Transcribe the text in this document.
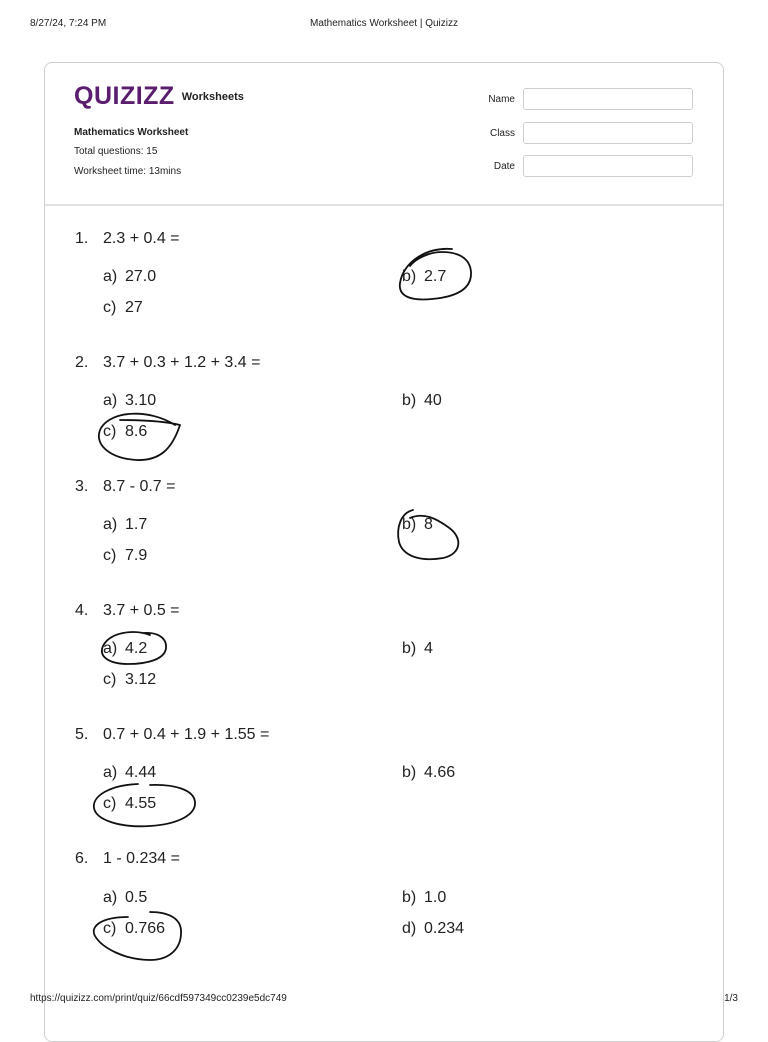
8/27/24, 7:24 PM	Mathematics Worksheet | Quizizz
QUIZIZZ Worksheets
Mathematics Worksheet
Total questions: 15
Worksheet time: 13mins
Name
Class
Date
1. 2.3 + 0.4 =
a) 27.0	b) 2.7
c) 27
2. 3.7 + 0.3 + 1.2 + 3.4 =
a) 3.10	b) 40
c) 8.6
3. 8.7 - 0.7 =
a) 1.7	b) 8
c) 7.9
4. 3.7 + 0.5 =
a) 4.2	b) 4
c) 3.12
5. 0.7 + 0.4 + 1.9 + 1.55 =
a) 4.44	b) 4.66
c) 4.55
6. 1 - 0.234 =
a) 0.5	b) 1.0
c) 0.766	d) 0.234
https://quizizz.com/print/quiz/66cdf597349cc0239e5dc749	1/3
